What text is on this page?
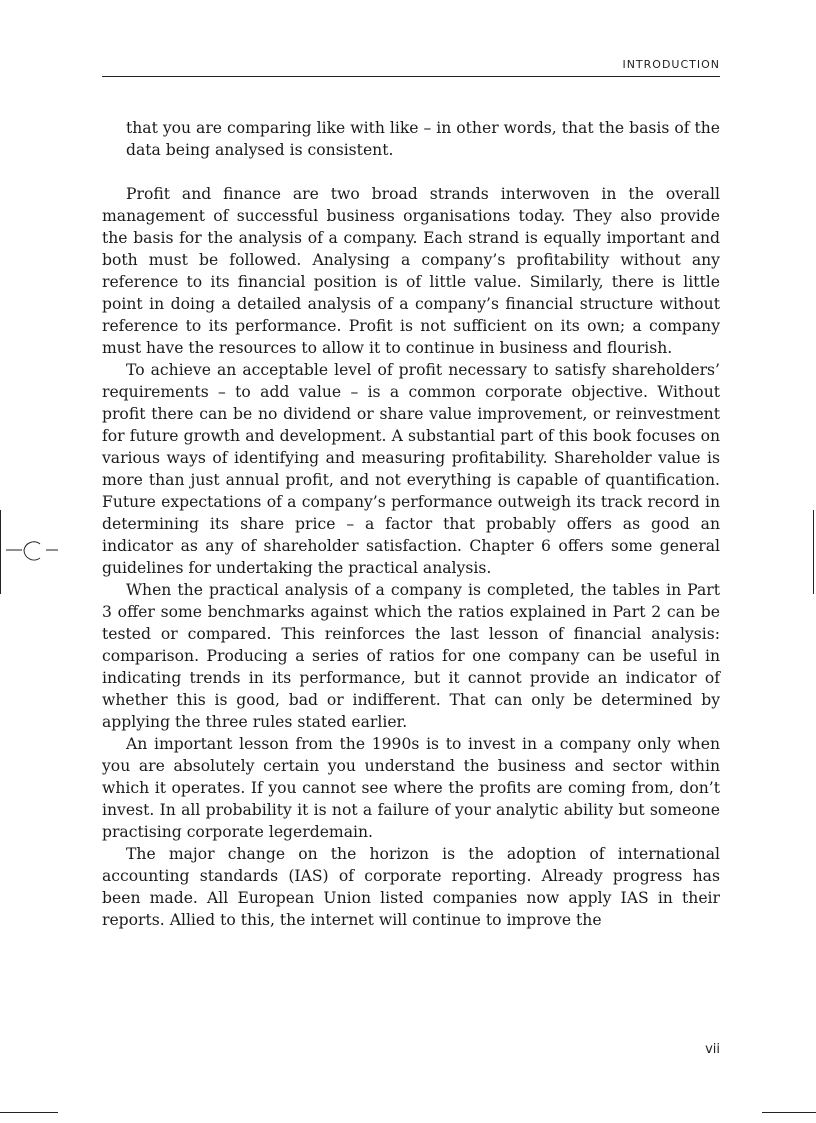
INTRODUCTION

that you are comparing like with like – in other words, that the basis of the data being analysed is consistent.

Profit and finance are two broad strands interwoven in the overall management of successful business organisations today. They also provide the basis for the analysis of a company. Each strand is equally important and both must be followed. Analysing a company’s profitability without any reference to its financial position is of little value. Similarly, there is little point in doing a detailed analysis of a company’s financial structure without reference to its performance. Profit is not sufficient on its own; a company must have the resources to allow it to continue in business and flourish.

To achieve an acceptable level of profit necessary to satisfy shareholders’ requirements – to add value – is a common corporate objective. Without profit there can be no dividend or share value improvement, or reinvestment for future growth and development. A substantial part of this book focuses on various ways of identifying and measuring profitability. Shareholder value is more than just annual profit, and not everything is capable of quantification. Future expectations of a company’s performance outweigh its track record in determining its share price – a factor that probably offers as good an indicator as any of shareholder satisfaction. Chapter 6 offers some general guidelines for undertaking the practical analysis.

When the practical analysis of a company is completed, the tables in Part 3 offer some benchmarks against which the ratios explained in Part 2 can be tested or compared. This reinforces the last lesson of financial analysis: comparison. Producing a series of ratios for one company can be useful in indicating trends in its performance, but it cannot provide an indicator of whether this is good, bad or indifferent. That can only be determined by applying the three rules stated earlier.

An important lesson from the 1990s is to invest in a company only when you are absolutely certain you understand the business and sector within which it operates. If you cannot see where the profits are coming from, don’t invest. In all probability it is not a failure of your analytic ability but someone practising corporate legerdemain.

The major change on the horizon is the adoption of international accounting standards (IAS) of corporate reporting. Already progress has been made. All European Union listed companies now apply IAS in their reports. Allied to this, the internet will continue to improve the

vii
